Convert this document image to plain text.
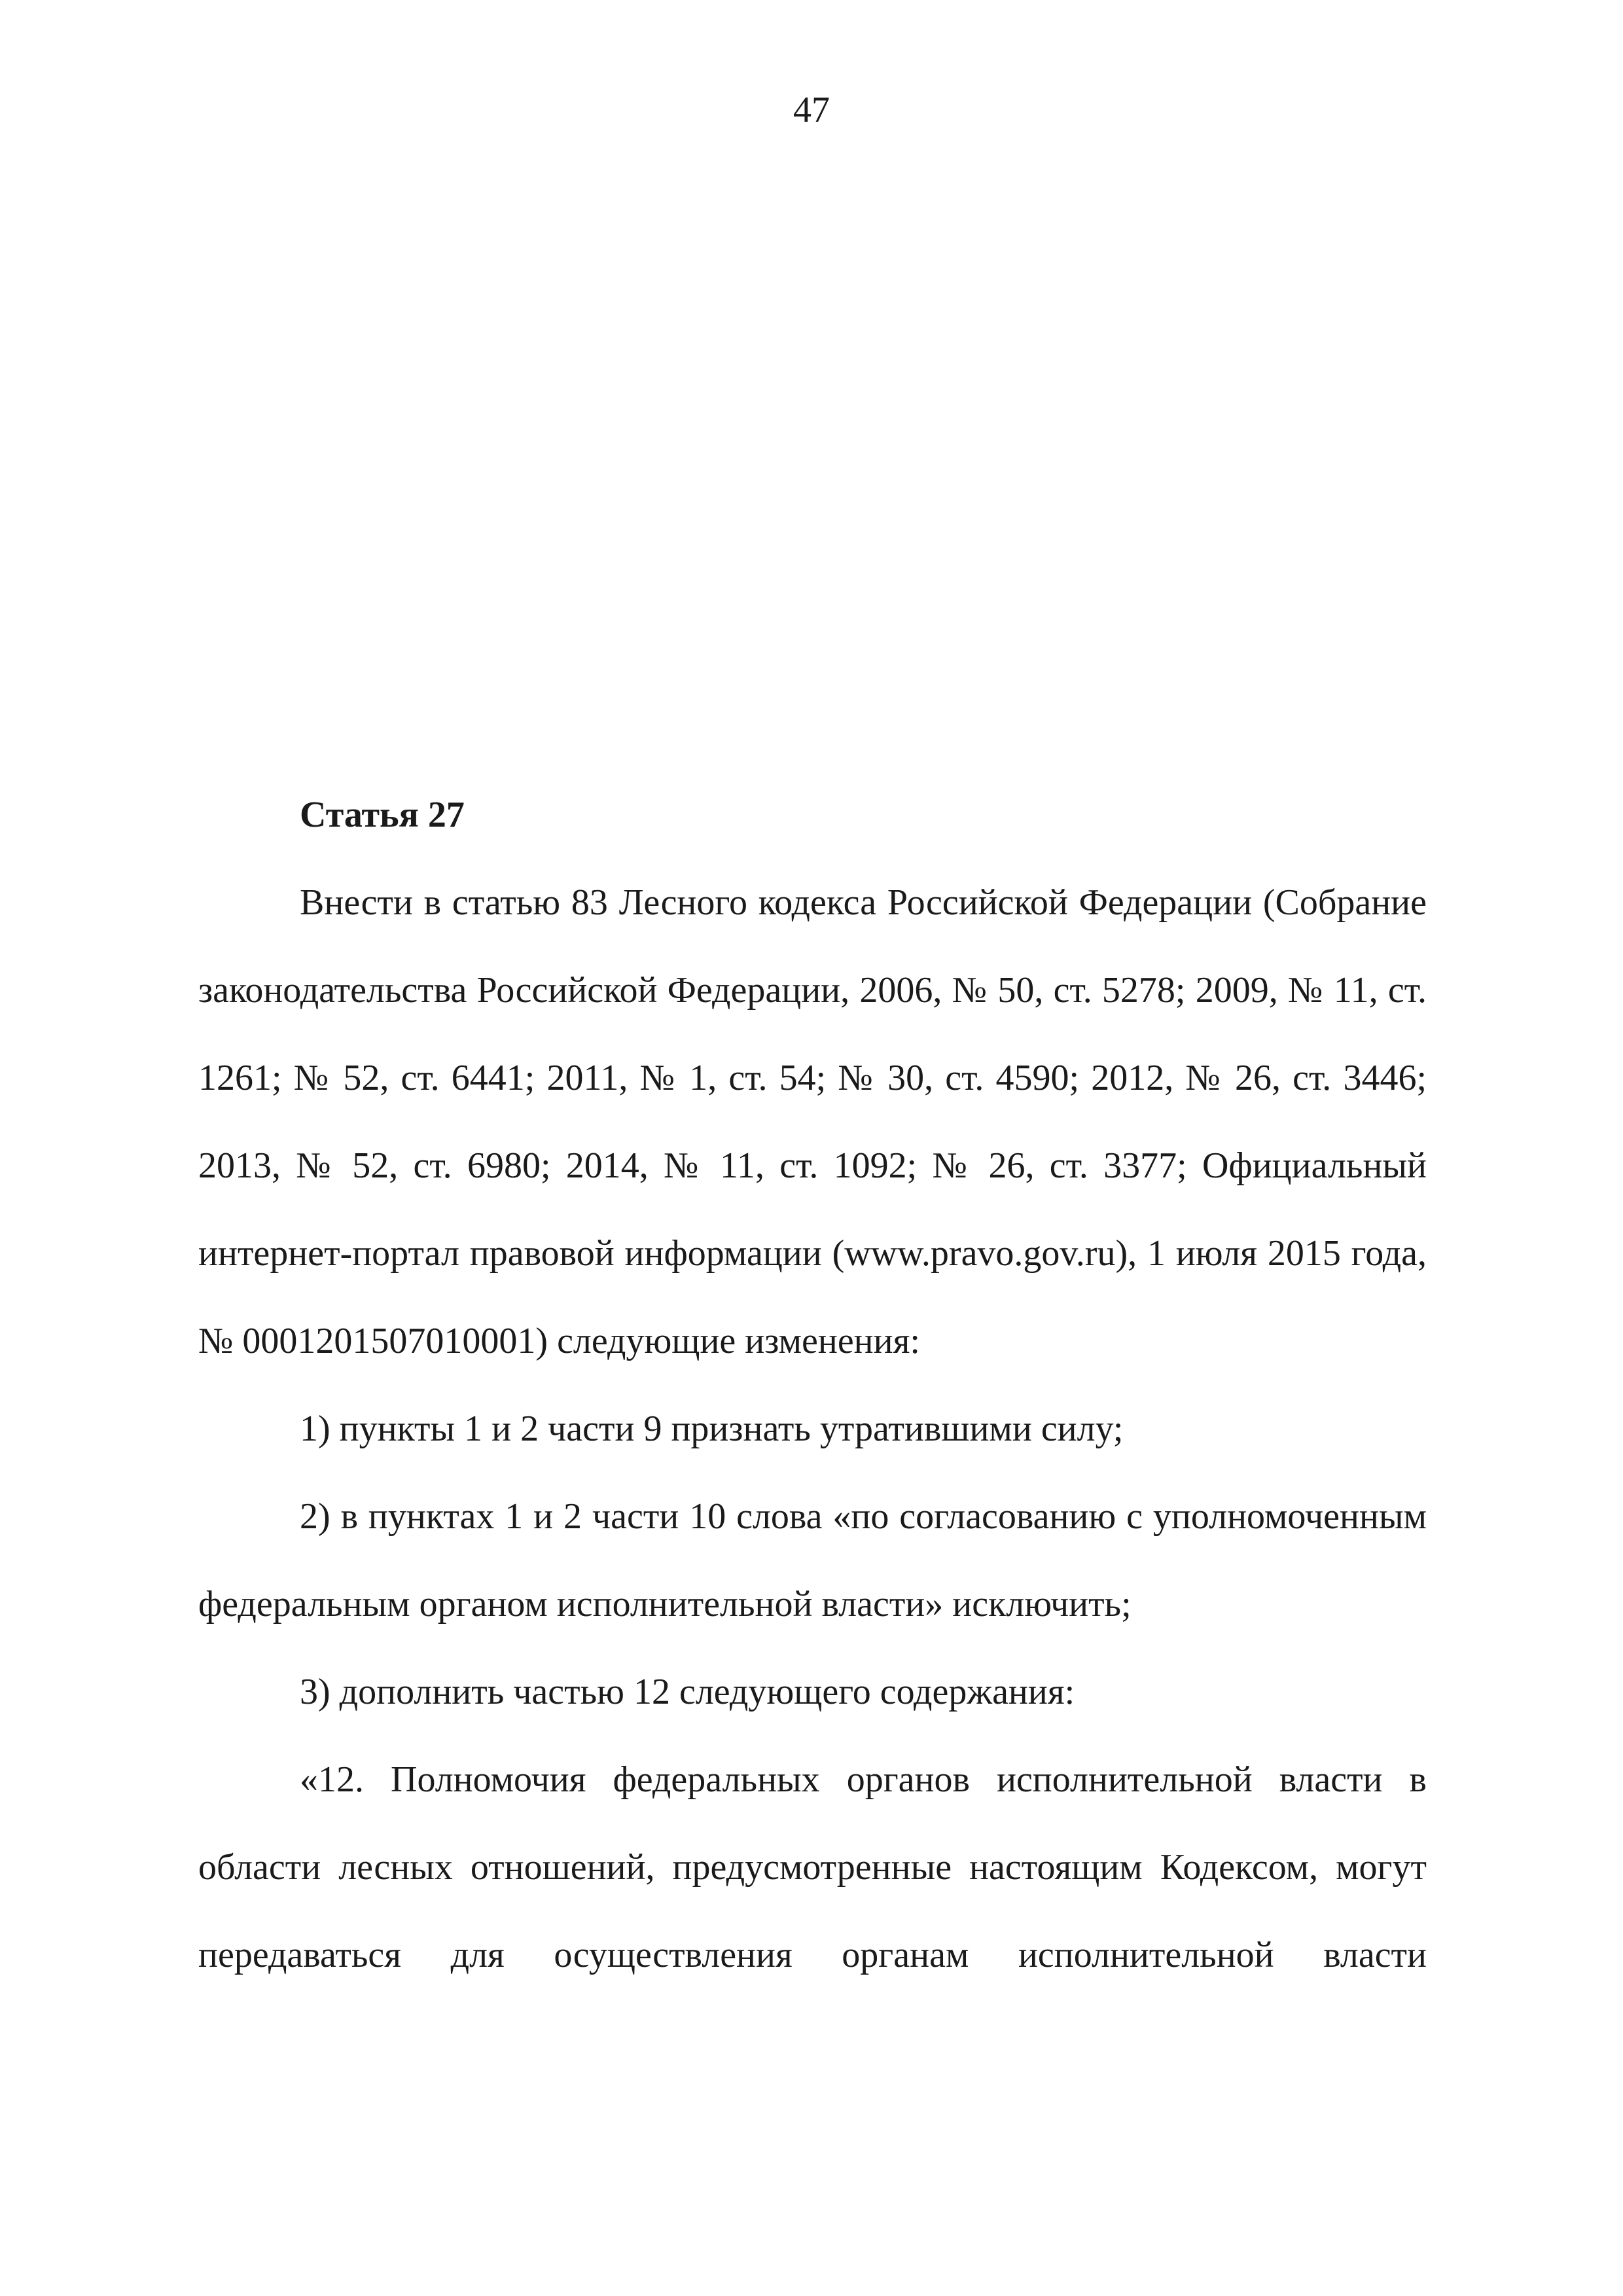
47

Статья 27

Внести в статью 83 Лесного кодекса Российской Федерации (Собрание законодательства Российской Федерации, 2006, № 50, ст. 5278; 2009, № 11, ст. 1261; № 52, ст. 6441; 2011, № 1, ст. 54; № 30, ст. 4590; 2012, № 26, ст. 3446; 2013, № 52, ст. 6980; 2014, № 11, ст. 1092; № 26, ст. 3377; Официальный интернет-портал правовой информации (www.pravo.gov.ru), 1 июля 2015 года, № 0001201507010001) следующие изменения:

1) пункты 1 и 2 части 9 признать утратившими силу;

2) в пунктах 1 и 2 части 10 слова «по согласованию с уполномоченным федеральным органом исполнительной власти» исключить;

3) дополнить частью 12 следующего содержания:

«12. Полномочия федеральных органов исполнительной власти в области лесных отношений, предусмотренные настоящим Кодексом, могут передаваться для осуществления органам исполнительной власти
